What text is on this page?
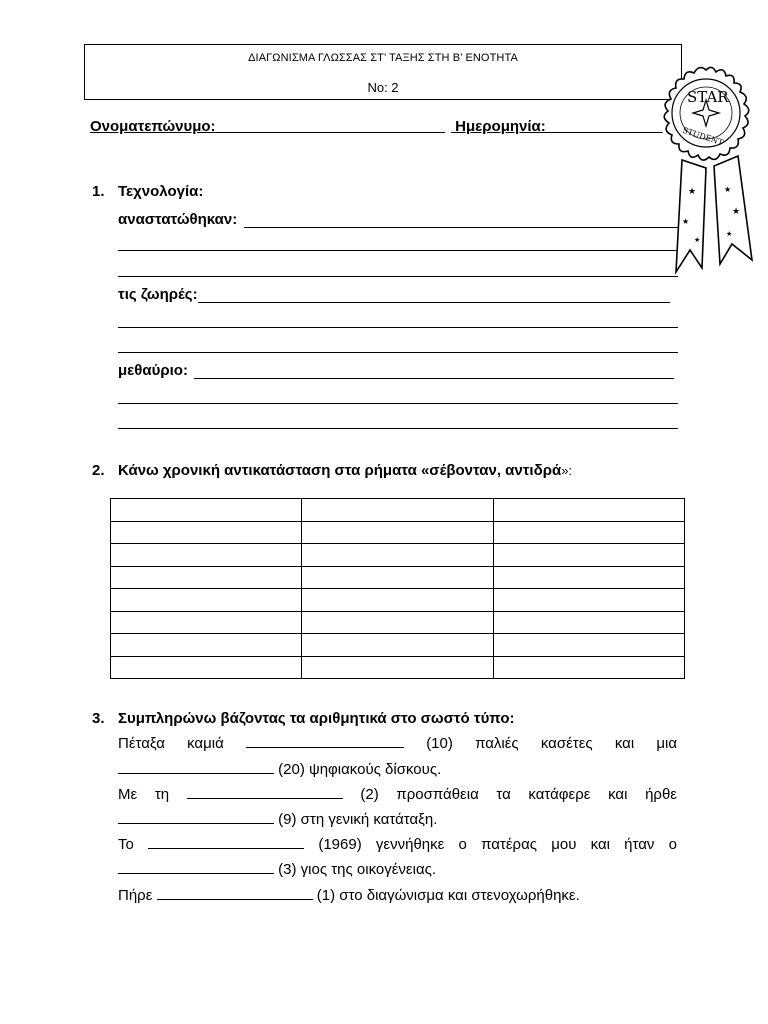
ΔΙΑΓΩΝΙΣΜΑ ΓΛΩΣΣΑΣ ΣΤ’ ΤΑΞΗΣ ΣΤΗ Β’ ΕΝΟΤΗΤΑ
No: 2
Ονοματεπώνυμο:___________________________ Ημερομηνία:______________
★
★
★
★
★
★
STAR
STUDENT
1. Τεχνολογία:
αναστατώθηκαν:
τις ζωηρές:
μεθαύριο:
2. Κάνω χρονική αντικατάσταση στα ρήματα «σέβονταν, αντιδρά»:

3. Συμπληρώνω βάζοντας τα αριθμητικά στο σωστό τύπο:
Πέταξα καμιά	(10) παλιές κασέτες και μια
(20) ψηφιακούς δίσκους.
Με τη	(2) προσπάθεια τα κατάφερε και ήρθε
(9) στη γενική κατάταξη.
Το	(1969) γεννήθηκε ο πατέρας μου και ήταν ο
(3) γιος της οικογένειας.
Πήρε	(1) στο διαγώνισμα και στενοχωρήθηκε.
